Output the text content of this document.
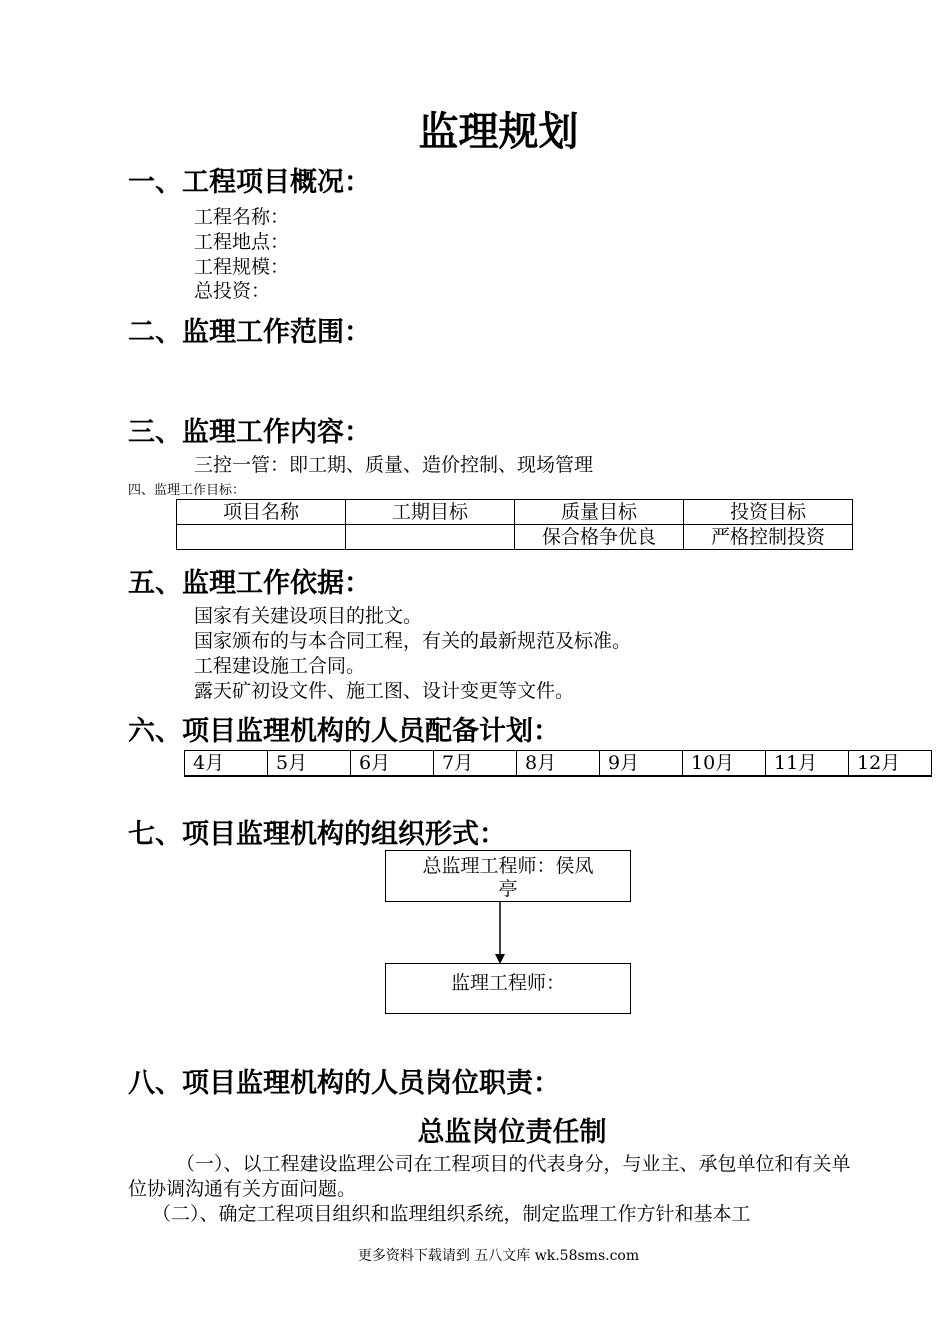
监理规划
一、工程项目概况：
工程名称：
工程地点：
工程规模：
总投资：
二、监理工作范围：
三、监理工作内容：
三控一管：即工期、质量、造价控制、现场管理
四、监理工作目标：
项目名称	工期目标	质量目标	投资目标
		保合格争优良	严格控制投资
五、监理工作依据：
国家有关建设项目的批文。
国家颁布的与本合同工程，有关的最新规范及标准。
工程建设施工合同。
露天矿初设文件、施工图、设计变更等文件。
六、项目监理机构的人员配备计划：
4月	5月	6月	7月	8月	9月	10月	11月	12月

七、项目监理机构的组织形式：
总监理工程师：侯凤
亭
监理工程师：
八、项目监理机构的人员岗位职责：
总监岗位责任制
（一）、以工程建设监理公司在工程项目的代表身分，与业主、承包单位和有关单位协调沟通有关方面问题。
（二）、确定工程项目组织和监理组织系统，制定监理工作方针和基本工
更多资料下载请到 五八文库 wk.58sms.com
